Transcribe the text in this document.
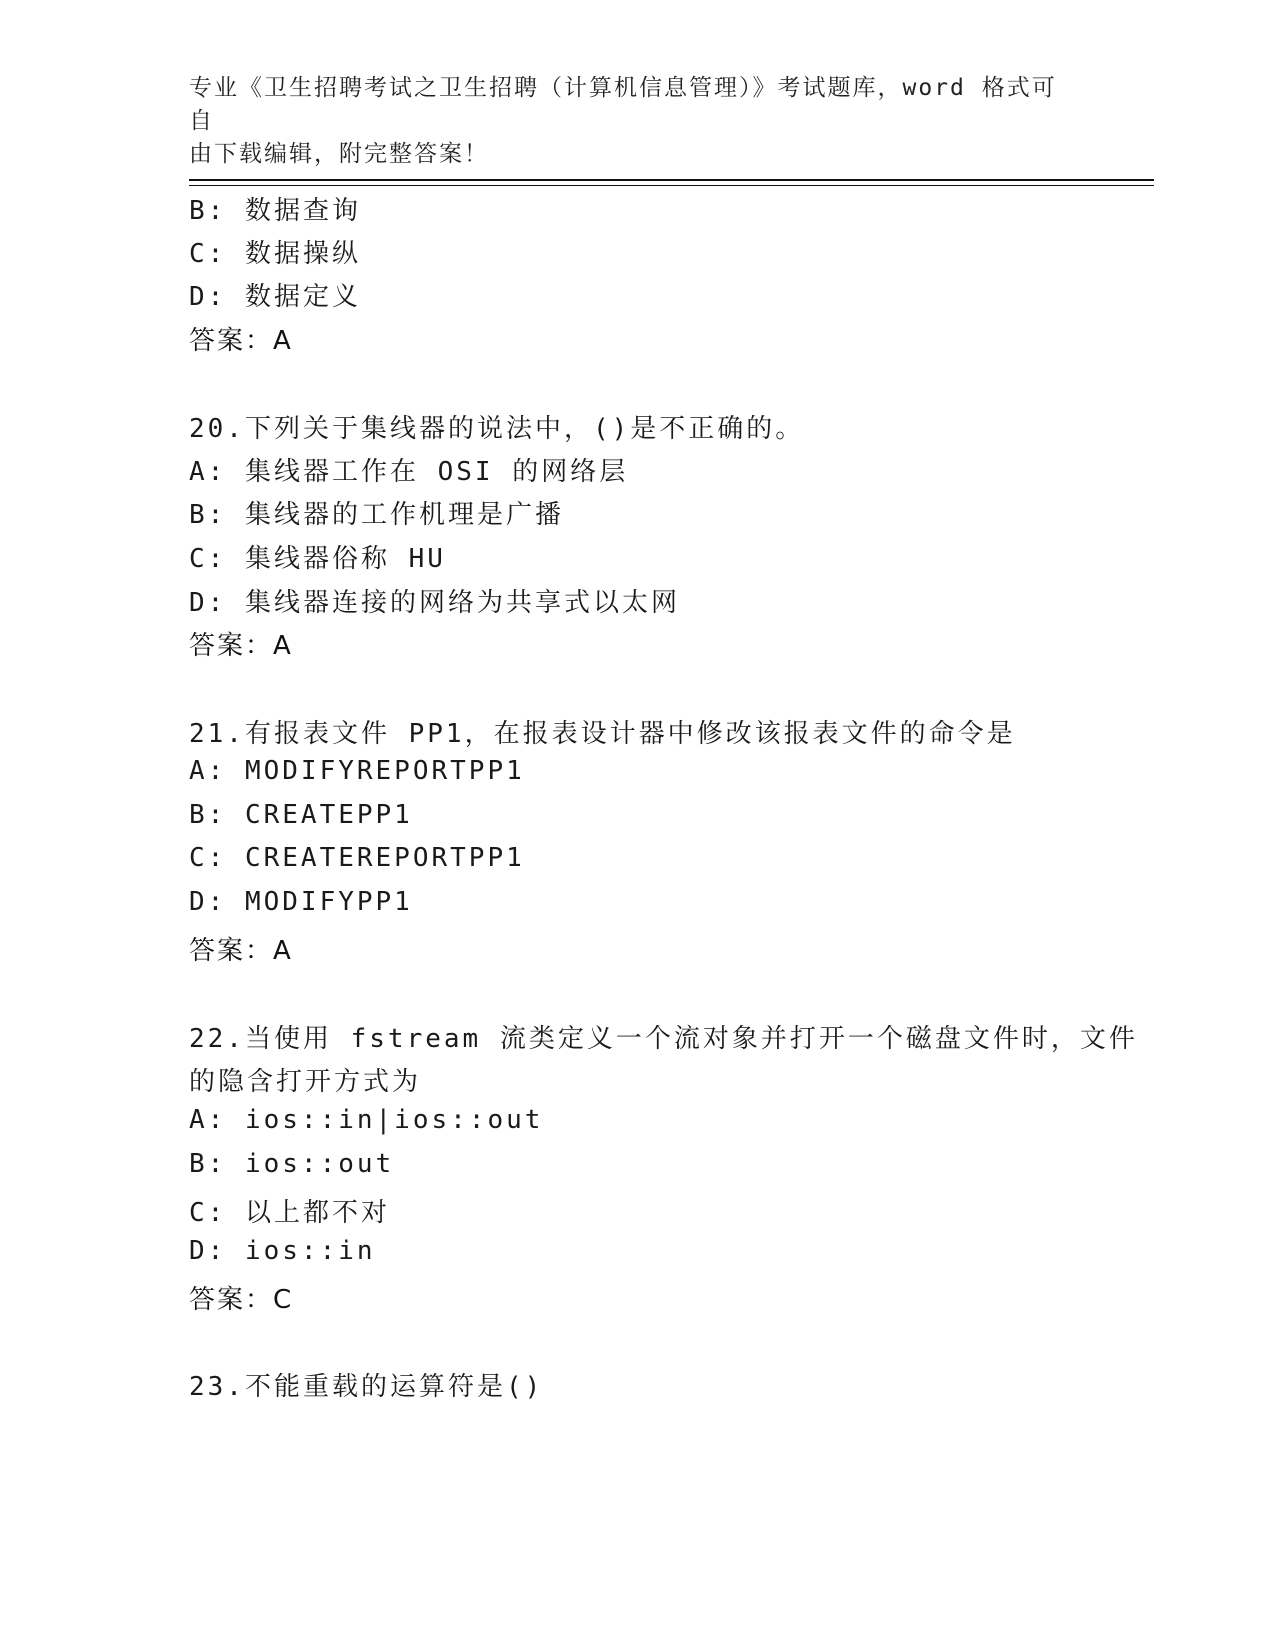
专业《卫生招聘考试之卫生招聘（计算机信息管理）》考试题库，word 格式可自
由下载编辑，附完整答案！
B: 数据查询
C: 数据操纵
D: 数据定义
答案：A
20.下列关于集线器的说法中，()是不正确的。
A: 集线器工作在 OSI 的网络层
B: 集线器的工作机理是广播
C: 集线器俗称 HU
D: 集线器连接的网络为共享式以太网
答案：A
21.有报表文件 PP1，在报表设计器中修改该报表文件的命令是
A: MODIFYREPORTPP1
B: CREATEPP1
C: CREATEREPORTPP1
D: MODIFYPP1
答案：A
22.当使用 fstream 流类定义一个流对象并打开一个磁盘文件时，文件
的隐含打开方式为
A: ios::in|ios::out
B: ios::out
C: 以上都不对
D: ios::in
答案：C
23.不能重载的运算符是()
